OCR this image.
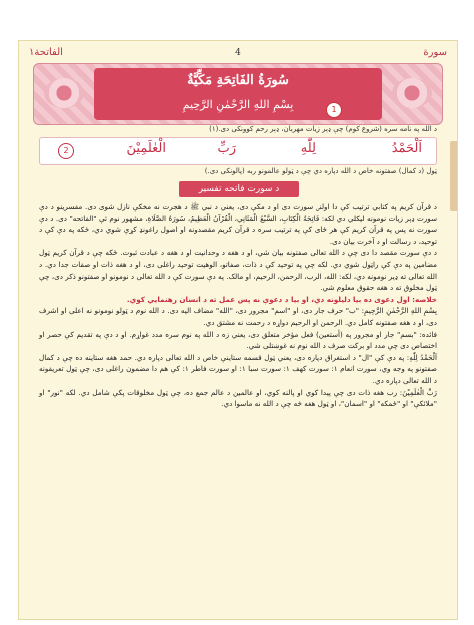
سورة
4
الفاتحة١
سُورَةُ الفَاتِحَةِ مَكِّيَّةٌ
بِسْمِ اللهِ الرَّحْمٰنِ الرَّحِيمِ	1
د الله په نامه سره (شروع کوم) چې ډېر زيات مهربان، ډېر رحم کوونکی دی.(١)
اَلْحَمْدُ
لِلّٰهِ
رَبِّ
الْعٰلَمِيْنَ
2
ټول (د کمال) صفتونه خاص د الله دپاره دي چې د ټولو عالمونو ربه (پالونکی دی.)
د سورت فاتحه تفسیر

د قرآن کريم په کتابي ترتيب کې دا اولنۍ سورت دی او د مکې دی، يعني د نبي ﷺ د هجرت نه مخکې نازل شوی دی. مفسرينو د دې سورت ډېر زيات نومونه ليکلي دي لکه: فَاتِحَةُ الْكِتَابِ، السَّبْعُ الْمَثَانِي، الْقُرْآنُ الْعَظِيمُ، سُورَةُ الصَّلَاةِ، مشهور نوم ئې "الفاتحه" دی. د دې سورت نه پس په قرآن کريم کې هر ځای کې په ترتیب سره د قرآن کريم مقصدونه او اصول راغونډ کړې شوي دي، ځکه په دې کې د توحید، د رسالت او د آخرت بیان دی.

د دې سورت مقصد دا دی چې د الله تعالی صفتونه بیان شي، او د هغه د وحدانیت او د هغه د عبادت ثبوت. ځکه چې د قرآن کريم ټول مضامين په دې کې راټول شوي دي. لکه چې په توحید کې د ذات، صفاتو، الوهيت توحيد راغلی دی، او د هغه ذات او صفات جدا دي. د الله تعالی ته ډير نومونه دي، لکه: الله، الرب، الرحمن، الرحیم، او مالک. په دې سورت کې د الله تعالی د نومونو او صفتونو ذکر دی، چې ټول مخلوق ته د هغه حقوق معلوم شي.

خلاصه: اول دعوی ده بيا دليلونه دي، او بيا د دعوې نه پس عمل ته د انسان رهنمایي کوي.

بِسْمِ اللهِ الرَّحْمٰنِ الرَّحِيمِ: "ب" حرف جار دی، او "اسم" مجرور دی، "الله" مضاف الیه دی. د الله نوم د ټولو نومونو نه اعلی او اشرف دی، او د هغه صفتونه کامل دي. الرحمن او الرحیم دواړه د رحمت نه مشتق دي.

فائده: "بسم" جار او مجرور په (أستعين) فعل مؤخر متعلق دی، يعني زه د الله په نوم سره مدد غواړم. او د دې په تقدیم کې حصر او اختصاص دی چې مدد او برکت صرف د الله نوم نه غوښتلی شي.

اَلْحَمْدُ لِلّٰهِ: په دې کې "ال" د استغراق دپاره دی، يعني ټول قسمه ستاینې خاص د الله تعالی دپاره دي. حمد هغه ستاینه ده چې د کمال صفتونو په وجه وي، سورت انعام ١: سورت کهف ١: سورت سبا ١: او سورت فاطر ١: کې هم دا مضمون راغلی دی، چې ټول تعریفونه د الله تعالی دپاره دي.

رَبِّ الْعٰلَمِيْنَ: رب هغه ذات دی چې پیدا کوي او پالنه کوي، او عالمين د عالم جمع ده، چې ټول مخلوقات پکې شامل دي. لکه "نور" او "ملائکې" او "ځمکه" او "اسمان"، او ټول هغه څه چې د الله نه ماسوا دي.
